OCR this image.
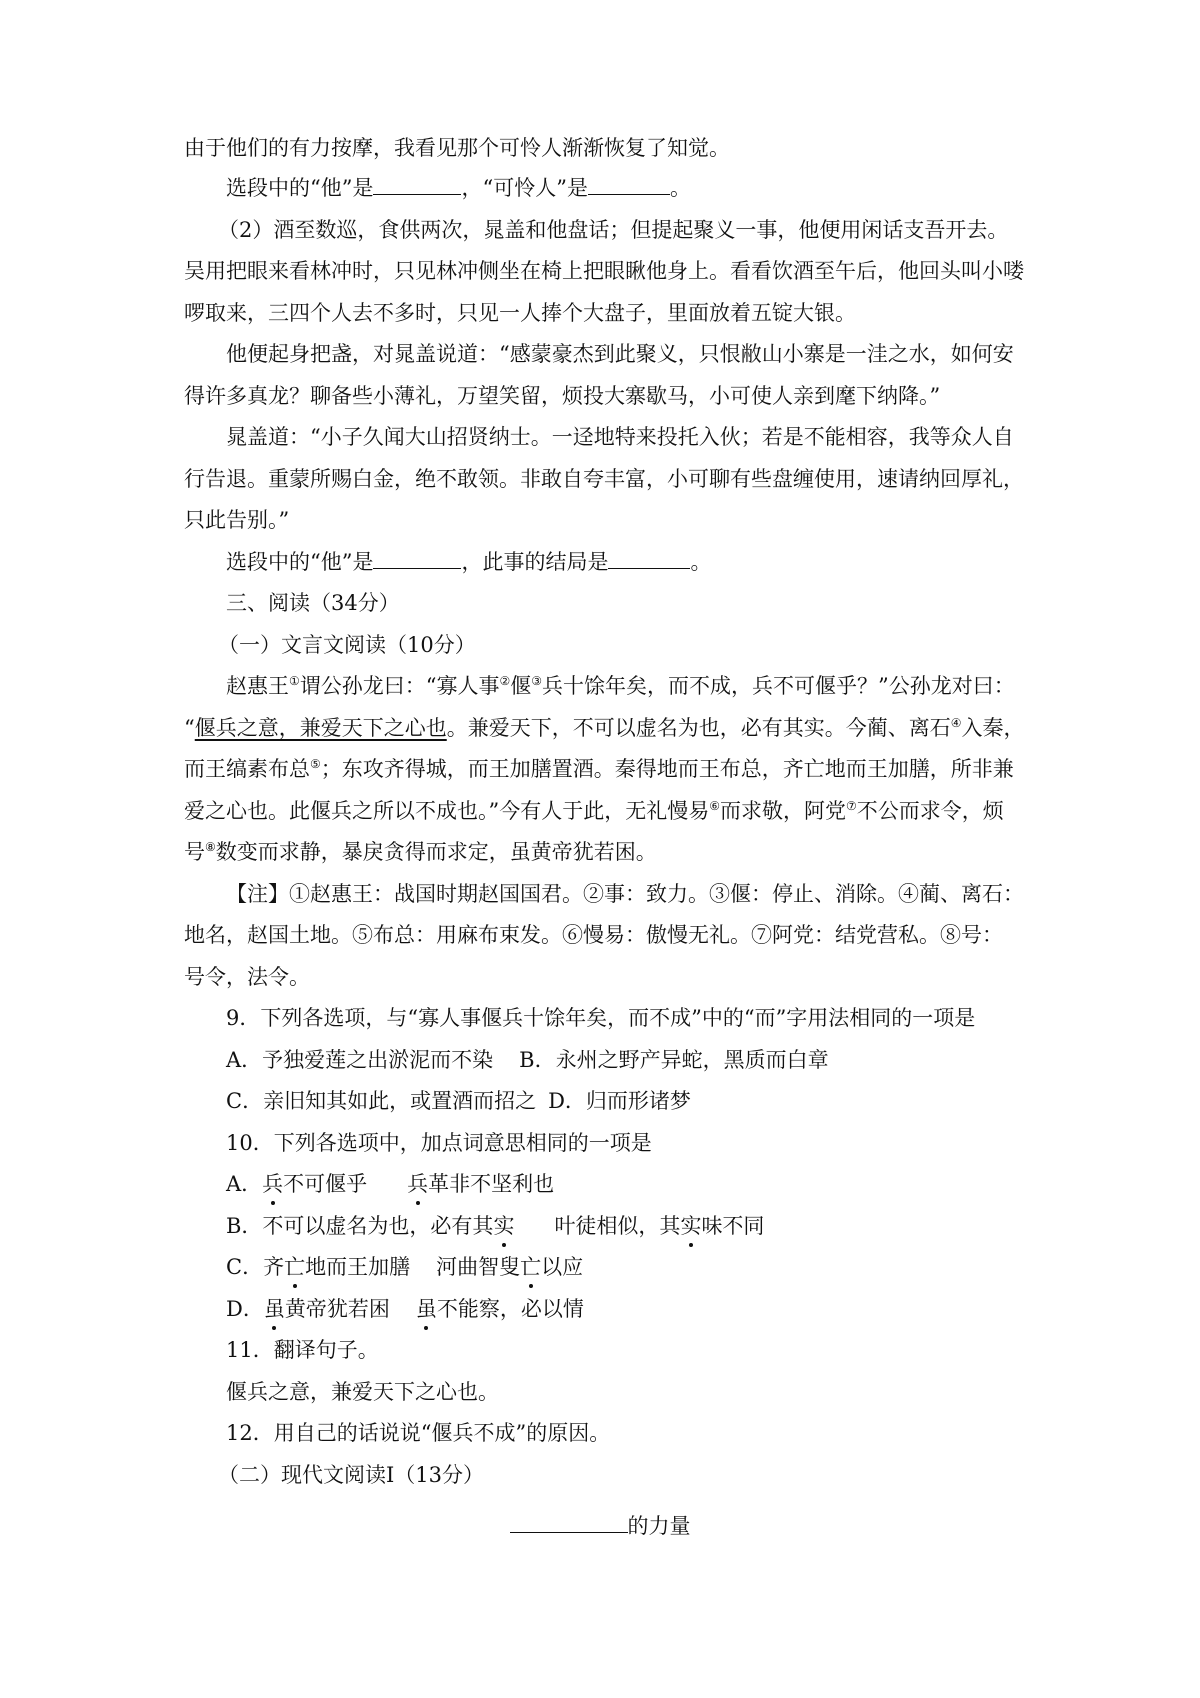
由于他们的有力按摩，我看见那个可怜人渐渐恢复了知觉。
选段中的“他”是	，“可怜人”是	。
（2）酒至数巡，食供两次，晁盖和他盘话；但提起聚义一事，他便用闲话支吾开去。
吴用把眼来看林冲时，只见林冲侧坐在椅上把眼瞅他身上。看看饮酒至午后，他回头叫小喽
啰取来，三四个人去不多时，只见一人捧个大盘子，里面放着五锭大银。
他便起身把盏，对晁盖说道：“感蒙豪杰到此聚义，只恨敝山小寨是一洼之水，如何安
得许多真龙？聊备些小薄礼，万望笑留，烦投大寨歇马，小可使人亲到麾下纳降。”
晁盖道：“小子久闻大山招贤纳士。一迳地特来投托入伙；若是不能相容，我等众人自
行告退。重蒙所赐白金，绝不敢领。非敢自夸丰富，小可聊有些盘缠使用，速请纳回厚礼，
只此告别。”
选段中的“他”是	，此事的结局是	。
三、阅读（34分）
（一）文言文阅读（10分）
赵惠王①谓公孙龙曰：“寡人事②偃③兵十馀年矣，而不成，兵不可偃乎？”公孙龙对曰：
“偃兵之意，兼爱天下之心也。兼爱天下，不可以虚名为也，必有其实。今蔺、离石④入秦，
而王缟素布总⑤；东攻齐得城，而王加膳置酒。秦得地而王布总，齐亡地而王加膳，所非兼
爱之心也。此偃兵之所以不成也。”今有人于此，无礼慢易⑥而求敬，阿党⑦不公而求令，烦
号⑧数变而求静，暴戾贪得而求定，虽黄帝犹若困。
【注】①赵惠王：战国时期赵国国君。②事：致力。③偃：停止、消除。④蔺、离石：
地名，赵国土地。⑤布总：用麻布束发。⑥慢易：傲慢无礼。⑦阿党：结党营私。⑧号：
号令，法令。
9．下列各选项，与“寡人事偃兵十馀年矣，而不成”中的“而”字用法相同的一项是
A．予独爱莲之出淤泥而不染 B．永州之野产异蛇，黑质而白章
C．亲旧知其如此，或置酒而招之 D．归而形诸梦
10．下列各选项中，加点词意思相同的一项是
A．兵不可偃乎 兵革非不坚利也
B．不可以虚名为也，必有其实 叶徒相似，其实味不同
C．齐亡地而王加膳 河曲智叟亡以应
D．虽黄帝犹若困 虽不能察，必以情
11．翻译句子。
偃兵之意，兼爱天下之心也。
12．用自己的话说说“偃兵不成”的原因。
（二）现代文阅读Ⅰ（13分）
的力量
